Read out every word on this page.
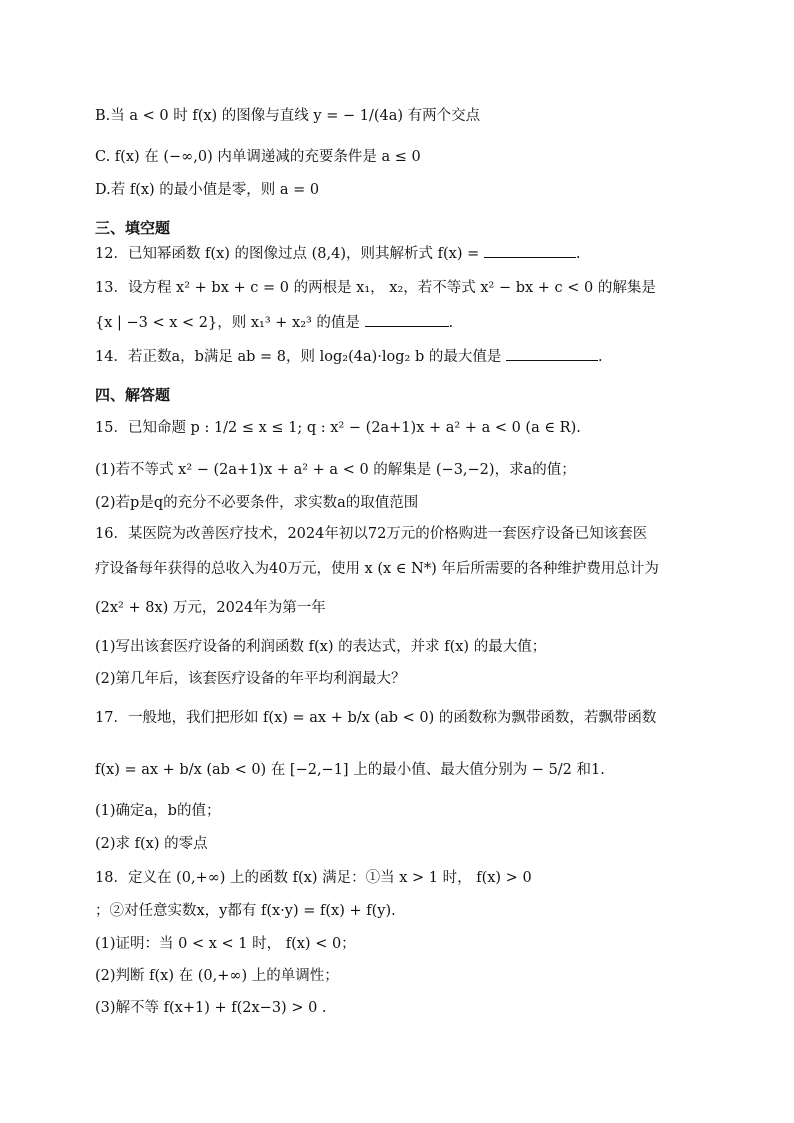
B.当 a < 0 时 f(x) 的图像与直线 y = − 1/(4a) 有两个交点
C. f(x) 在 (−∞,0) 内单调递减的充要条件是 a ≤ 0
D.若 f(x) 的最小值是零，则 a = 0
三、填空题
12．已知幂函数 f(x) 的图像过点 (8,4)，则其解析式 f(x) =	.
13．设方程 x² + bx + c = 0 的两根是 x₁， x₂，若不等式 x² − bx + c < 0 的解集是
{x | −3 < x < 2}，则 x₁³ + x₂³ 的值是	.
14．若正数a，b满足 ab = 8，则 log₂(4a)·log₂ b 的最大值是	.
四、解答题
15．已知命题 p : 1/2 ≤ x ≤ 1; q : x² − (2a+1)x + a² + a < 0 (a ∈ R).
(1)若不等式 x² − (2a+1)x + a² + a < 0 的解集是 (−3,−2)，求a的值；
(2)若p是q的充分不必要条件，求实数a的取值范围
16．某医院为改善医疗技术，2024年初以72万元的价格购进一套医疗设备已知该套医
疗设备每年获得的总收入为40万元，使用 x (x ∈ N*) 年后所需要的各种维护费用总计为
(2x² + 8x) 万元，2024年为第一年
(1)写出该套医疗设备的利润函数 f(x) 的表达式，并求 f(x) 的最大值；
(2)第几年后，该套医疗设备的年平均利润最大？
17．一般地，我们把形如 f(x) = ax + b/x (ab < 0) 的函数称为飘带函数，若飘带函数
f(x) = ax + b/x (ab < 0) 在 [−2,−1] 上的最小值、最大值分别为 − 5/2 和1.
(1)确定a，b的值；
(2)求 f(x) 的零点
18．定义在 (0,+∞) 上的函数 f(x) 满足：①当 x > 1 时， f(x) > 0
；②对任意实数x，y都有 f(x·y) = f(x) + f(y).
(1)证明：当 0 < x < 1 时， f(x) < 0；
(2)判断 f(x) 在 (0,+∞) 上的单调性；
(3)解不等 f(x+1) + f(2x−3) > 0 .
